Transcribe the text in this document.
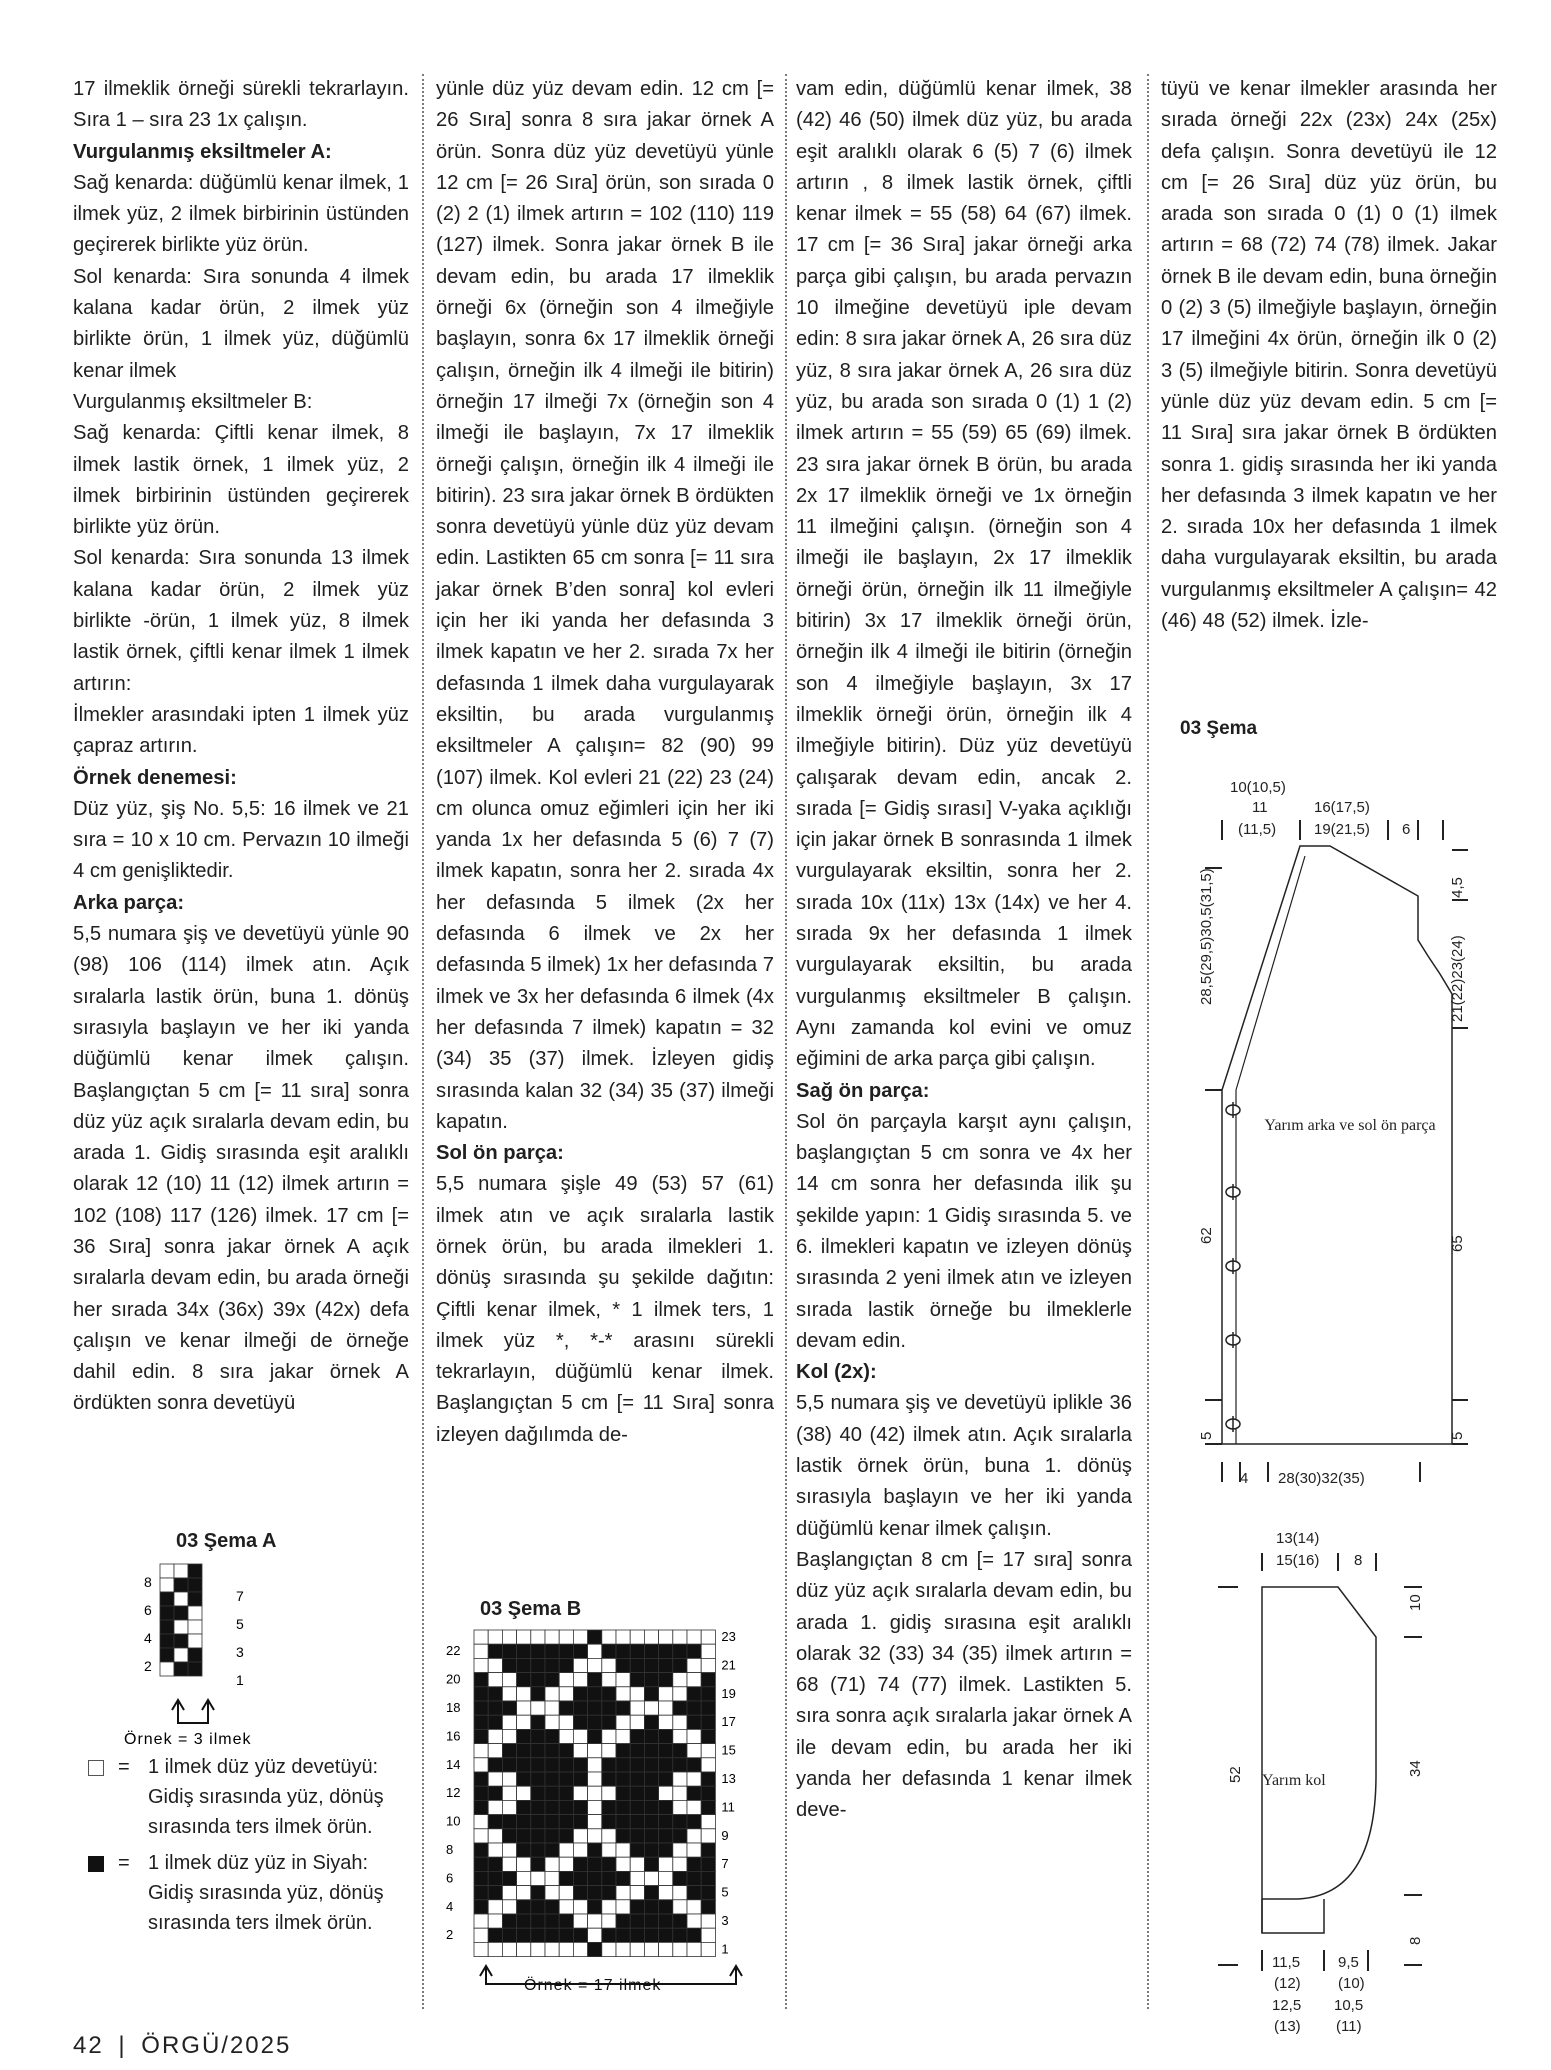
17 ilmeklik örneği sürekli tekrarlayın. Sıra 1 – sıra 23 1x çalışın.

Vurgulanmış eksiltmeler A:

Sağ kenarda: düğümlü kenar ilmek, 1 ilmek yüz, 2 ilmek birbirinin üstünden geçirerek birlikte yüz örün.

Sol kenarda: Sıra sonunda 4 ilmek kalana kadar örün, 2 ilmek yüz birlikte örün, 1 ilmek yüz, düğümlü kenar ilmek

Vurgulanmış eksiltmeler B:

Sağ kenarda: Çiftli kenar ilmek, 8 ilmek lastik örnek, 1 ilmek yüz, 2 ilmek birbirinin üstünden geçirerek birlikte yüz örün.

Sol kenarda: Sıra sonunda 13 ilmek kalana kadar örün, 2 ilmek yüz birlikte -örün, 1 ilmek yüz, 8 ilmek lastik örnek, çiftli kenar ilmek 1 ilmek artırın:

İlmekler arasındaki ipten 1 ilmek yüz çapraz artırın.

Örnek denemesi:

Düz yüz, şiş No. 5,5: 16 ilmek ve 21 sıra = 10 x 10 cm. Pervazın 10 ilmeği 4 cm genişliktedir.

Arka parça:

5,5 numara şiş ve devetüyü yünle 90 (98) 106 (114) ilmek atın. Açık sıralarla lastik örün, buna 1. dönüş sırasıyla başlayın ve her iki yanda düğümlü kenar ilmek çalışın. Başlangıçtan 5 cm [= 11 sıra] sonra düz yüz açık sıralarla devam edin, bu arada 1. Gidiş sırasında eşit aralıklı olarak 12 (10) 11 (12) ilmek artırın = 102 (108) 117 (126) ilmek. 17 cm [= 36 Sıra] sonra jakar örnek A açık sıralarla devam edin, bu arada örneği her sırada 34x (36x) 39x (42x) defa çalışın ve kenar ilmeği de örneğe dahil edin. 8 sıra jakar örnek A ördükten sonra devetüyü

yünle düz yüz devam edin. 12 cm [= 26 Sıra] sonra 8 sıra jakar örnek A örün. Sonra düz yüz devetüyü yünle 12 cm [= 26 Sıra] örün, son sırada 0 (2) 2 (1) ilmek artırın = 102 (110) 119 (127) ilmek. Sonra jakar örnek B ile devam edin, bu arada 17 ilmeklik örneği 6x (örneğin son 4 ilmeğiyle başlayın, sonra 6x 17 ilmeklik örneği çalışın, örneğin ilk 4 ilmeği ile bitirin) örneğin 17 ilmeği 7x (örneğin son 4 ilmeği ile başlayın, 7x 17 ilmeklik örneği çalışın, örneğin ilk 4 ilmeği ile bitirin). 23 sıra jakar örnek B ördükten sonra devetüyü yünle düz yüz devam edin. Lastikten 65 cm sonra [= 11 sıra jakar örnek B’den sonra] kol evleri için her iki yanda her defasında 3 ilmek kapatın ve her 2. sırada 7x her defasında 1 ilmek daha vurgulayarak eksiltin, bu arada vurgulanmış eksiltmeler A çalışın= 82 (90) 99 (107) ilmek. Kol evleri 21 (22) 23 (24) cm olunca omuz eğimleri için her iki yanda 1x her defasında 5 (6) 7 (7) ilmek kapatın, sonra her 2. sırada 4x her defasında 5 ilmek (2x her defasında 6 ilmek ve 2x her defasında 5 ilmek) 1x her defasında 7 ilmek ve 3x her defasında 6 ilmek (4x her defasında 7 ilmek) kapatın = 32 (34) 35 (37) ilmek. İzleyen gidiş sırasında kalan 32 (34) 35 (37) ilmeği kapatın.

Sol ön parça:

5,5 numara şişle 49 (53) 57 (61) ilmek atın ve açık sıralarla lastik örnek örün, bu arada ilmekleri 1. dönüş sırasında şu şekilde dağıtın: Çiftli kenar ilmek, * 1 ilmek ters, 1 ilmek yüz *, *-* arasını sürekli tekrarlayın, düğümlü kenar ilmek. Başlangıçtan 5 cm [= 11 Sıra] sonra izleyen dağılımda de-

vam edin, düğümlü kenar ilmek, 38 (42) 46 (50) ilmek düz yüz, bu arada eşit aralıklı olarak 6 (5) 7 (6) ilmek artırın , 8 ilmek lastik örnek, çiftli kenar ilmek = 55 (58) 64 (67) ilmek. 17 cm [= 36 Sıra] jakar örneği arka parça gibi çalışın, bu arada pervazın 10 ilmeğine devetüyü iple devam edin: 8 sıra jakar örnek A, 26 sıra düz yüz, 8 sıra jakar örnek A, 26 sıra düz yüz, bu arada son sırada 0 (1) 1 (2) ilmek artırın = 55 (59) 65 (69) ilmek. 23 sıra jakar örnek B örün, bu arada 2x 17 ilmeklik örneği ve 1x örneğin 11 ilmeğini çalışın. (örneğin son 4 ilmeği ile başlayın, 2x 17 ilmeklik örneği örün, örneğin ilk 11 ilmeğiyle bitirin) 3x 17 ilmeklik örneği örün, örneğin ilk 4 ilmeği ile bitirin (örneğin son 4 ilmeğiyle başlayın, 3x 17 ilmeklik örneği örün, örneğin ilk 4 ilmeğiyle bitirin). Düz yüz devetüyü çalışarak devam edin, ancak 2. sırada [= Gidiş sırası] V-yaka açıklığı için jakar örnek B sonrasında 1 ilmek vurgulayarak eksiltin, sonra her 2. sırada 10x (11x) 13x (14x) ve her 4. sırada 9x her defasında 1 ilmek vurgulayarak eksiltin, bu arada vurgulanmış eksiltmeler B çalışın. Aynı zamanda kol evini ve omuz eğimini de arka parça gibi çalışın.

Sağ ön parça:

Sol ön parçayla karşıt aynı çalışın, başlangıçtan 5 cm sonra ve 4x her 14 cm sonra her defasında ilik şu şekilde yapın: 1 Gidiş sırasında 5. ve 6. ilmekleri kapatın ve izleyen dönüş sırasında 2 yeni ilmek atın ve izleyen sırada lastik örneğe bu ilmeklerle devam edin.

Kol (2x):

5,5 numara şiş ve devetüyü iplikle 36 (38) 40 (42) ilmek atın. Açık sıralarla lastik örnek örün, buna 1. dönüş sırasıyla başlayın ve her iki yanda düğümlü kenar ilmek çalışın.

Başlangıçtan 8 cm [= 17 sıra] sonra düz yüz açık sıralarla devam edin, bu arada 1. gidiş sırasına eşit aralıklı olarak 32 (33) 34 (35) ilmek artırın = 68 (71) 74 (77) ilmek. Lastikten 5. sıra sonra açık sıralarla jakar örnek A ile devam edin, bu arada her iki yanda her defasında 1 kenar ilmek deve-

tüyü ve kenar ilmekler arasında her sırada örneği 22x (23x) 24x (25x) defa çalışın. Sonra devetüyü ile 12 cm [= 26 Sıra] düz yüz örün, bu arada son sırada 0 (1) 0 (1) ilmek artırın = 68 (72) 74 (78) ilmek. Jakar örnek B ile devam edin, buna örneğin 0 (2) 3 (5) ilmeğiyle başlayın, örneğin 17 ilmeğini 4x örün, örneğin ilk 0 (2) 3 (5) ilmeğiyle bitirin. Sonra devetüyü yünle düz yüz devam edin. 5 cm [= 11 Sıra] sıra jakar örnek B ördükten sonra 1. gidiş sırasında her iki yanda her defasında 3 ilmek kapatın ve her 2. sırada 10x her defasında 1 ilmek daha vurgulayarak eksiltin, bu arada vurgulanmış eksiltmeler A çalışın= 42 (46) 48 (52) ilmek. İzle-

03 Şema A
8
6
4
2
7
5
3
1
Örnek = 3 ilmek
= 1 ilmek düz yüz devetüyü: Gidiş sırasında yüz, dönüş sırasında ters ilmek örün.
= 1 ilmek düz yüz in Siyah: Gidiş sırasında yüz, dönüş sırasında ters ilmek örün.
03 Şema B
23
21
19
17
15
13
11
9
7
5
3
1
22
20
18
16
14
12
10
8
6
4
2
Örnek = 17 ilmek
03 Şema
10(10,5)
11
(11,5)
16(17,5)
19(21,5) 6
28,5(29,5)30,5(31,5)
62
5
4,5
21(22)23(24)
65
5
4 28(30)32(35)
Yarım arka ve sol ön parça
13(14)
15(16) 8
52
10
34
8
11,5
(12)
12,5
(13)
9,5
(10)
10,5
(11)
Yarım kol
42 | ÖRGÜ/2025
